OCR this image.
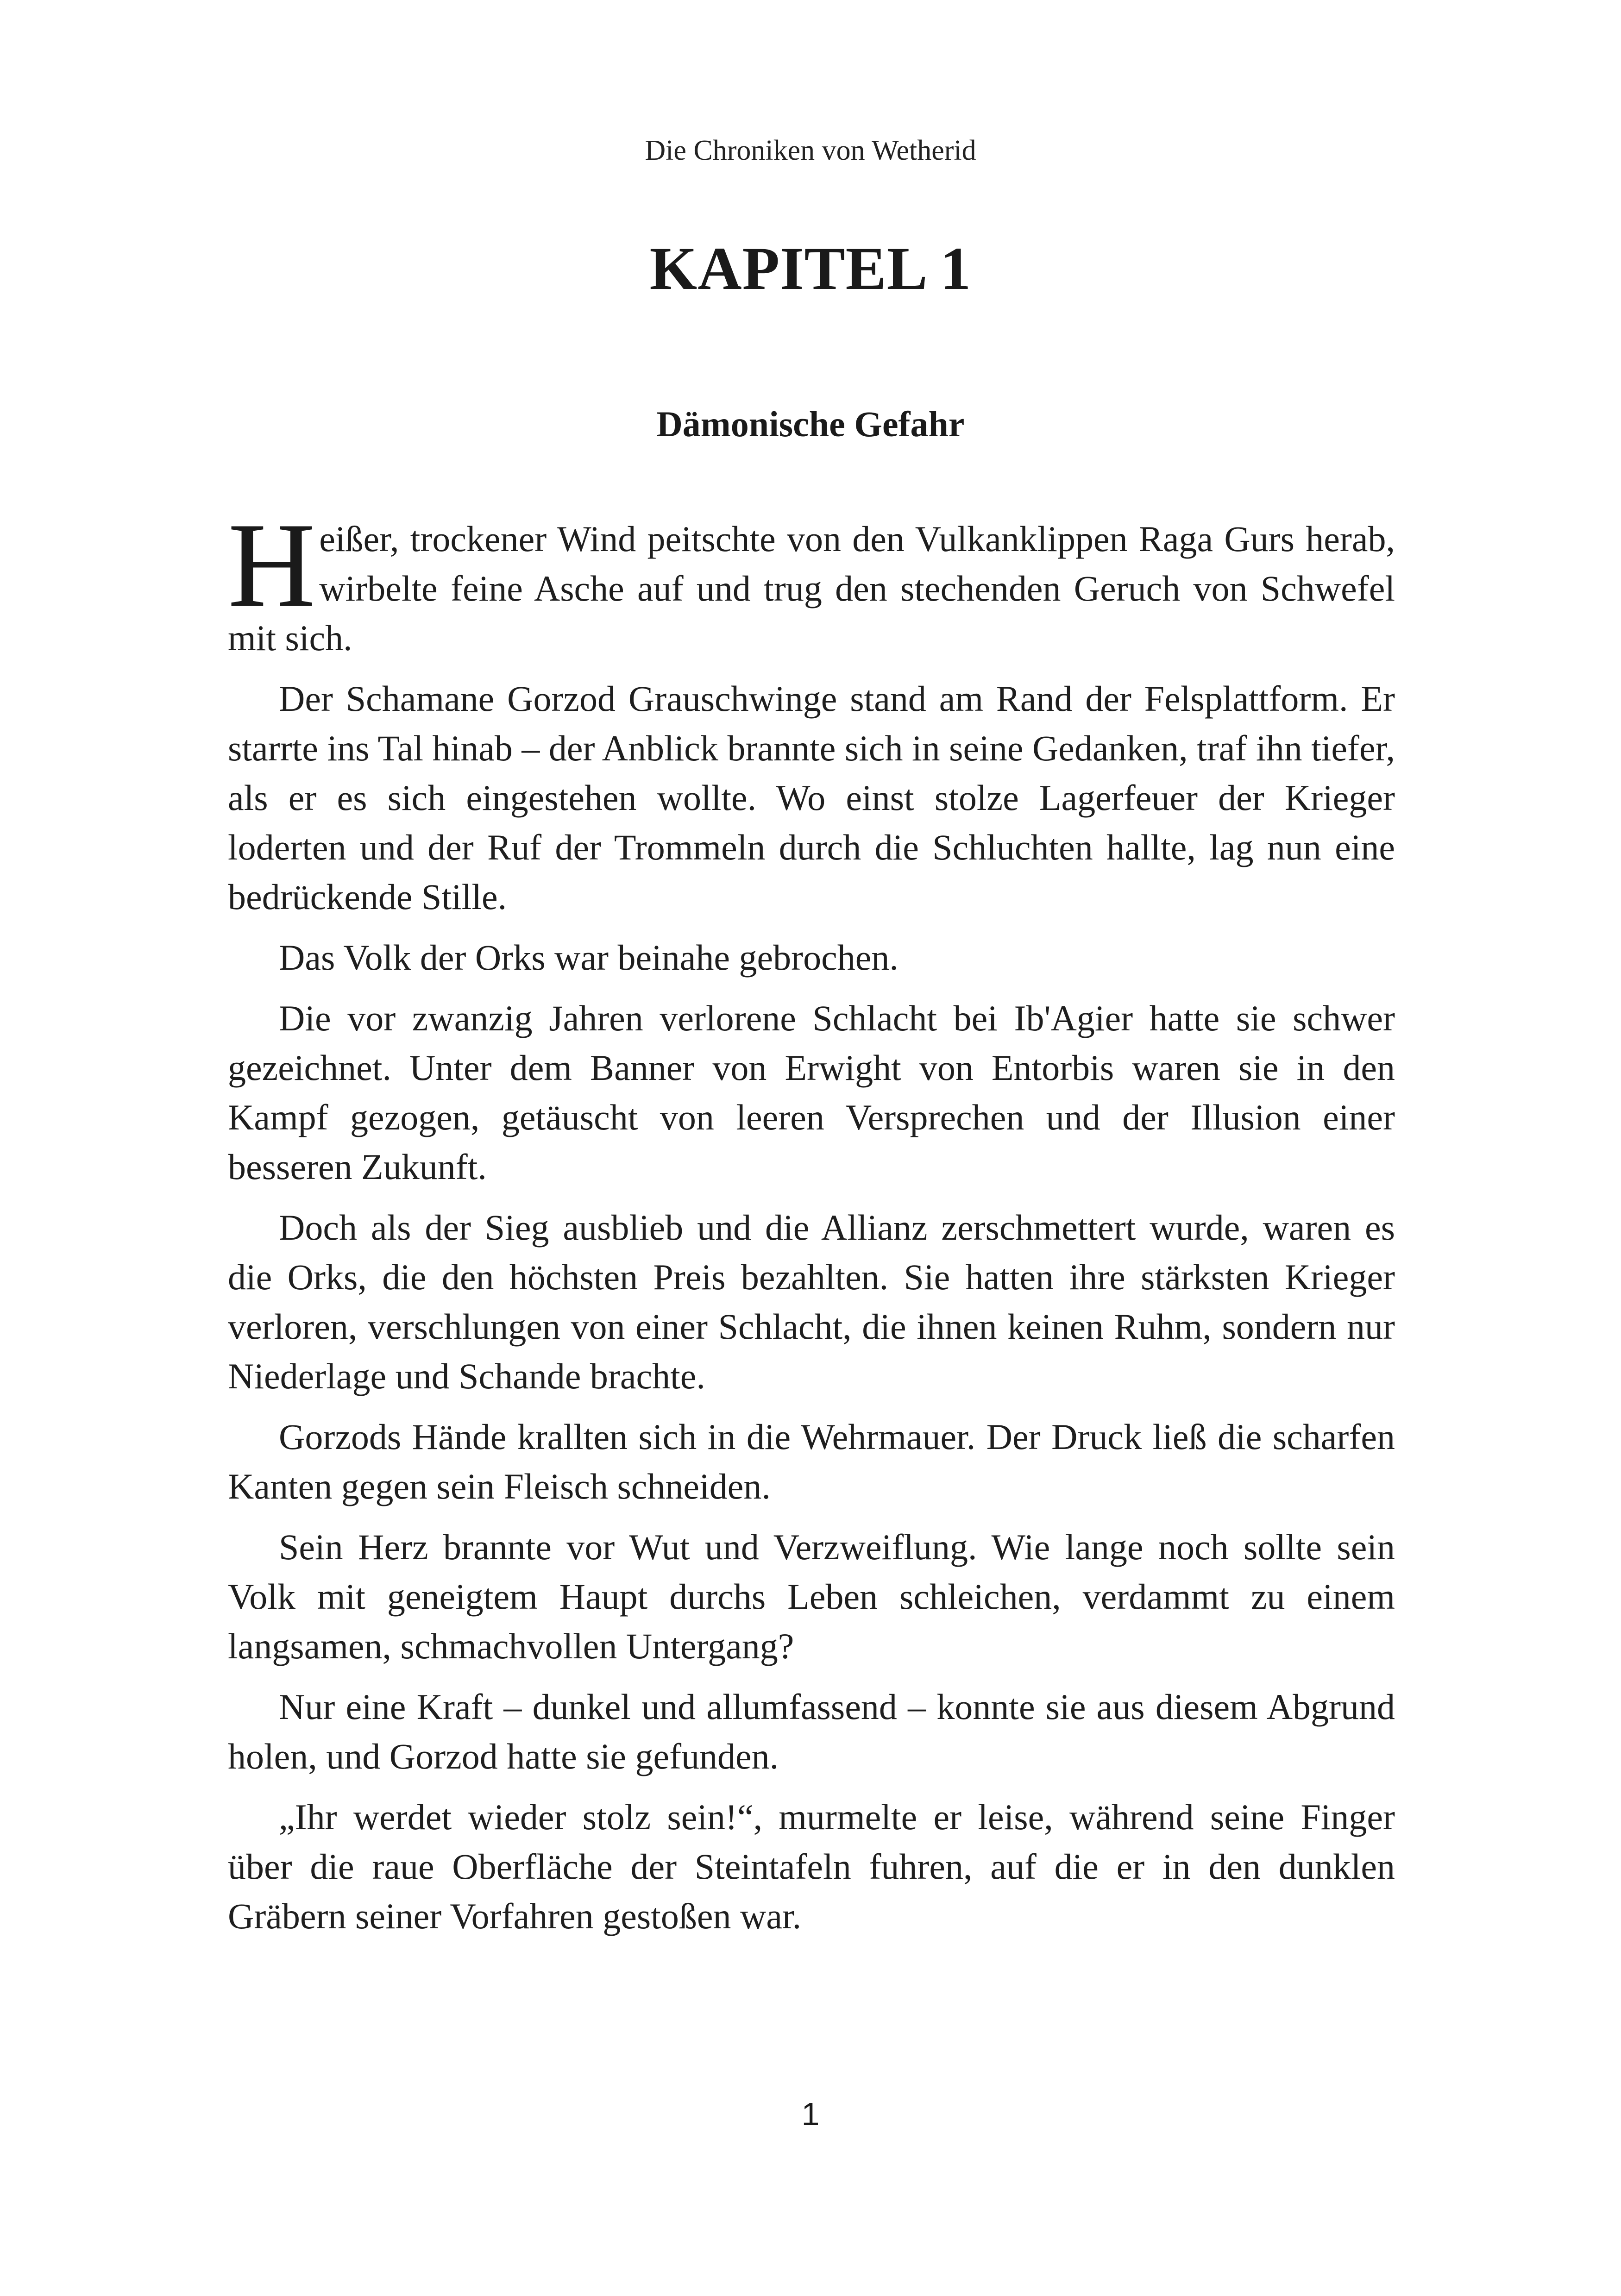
Die Chroniken von Wetherid
KAPITEL 1
Dämonische Gefahr

Heißer, trockener Wind peitschte von den Vulkanklippen Raga Gurs herab, wirbelte feine Asche auf und trug den stechenden Geruch von Schwefel mit sich.

Der Schamane Gorzod Grauschwinge stand am Rand der Felsplattform. Er starrte ins Tal hinab – der Anblick brannte sich in seine Gedanken, traf ihn tiefer, als er es sich eingestehen wollte. Wo einst stolze Lagerfeuer der Krieger loderten und der Ruf der Trommeln durch die Schluchten hallte, lag nun eine bedrückende Stille.

Das Volk der Orks war beinahe gebrochen.

Die vor zwanzig Jahren verlorene Schlacht bei Ib'Agier hatte sie schwer gezeichnet. Unter dem Banner von Erwight von Entorbis waren sie in den Kampf gezogen, getäuscht von leeren Versprechen und der Illusion einer besseren Zukunft.

Doch als der Sieg ausblieb und die Allianz zerschmettert wurde, waren es die Orks, die den höchsten Preis bezahlten. Sie hatten ihre stärksten Krieger verloren, verschlungen von einer Schlacht, die ihnen keinen Ruhm, sondern nur Niederlage und Schande brachte.

Gorzods Hände krallten sich in die Wehrmauer. Der Druck ließ die scharfen Kanten gegen sein Fleisch schneiden.

Sein Herz brannte vor Wut und Verzweiflung. Wie lange noch sollte sein Volk mit geneigtem Haupt durchs Leben schleichen, verdammt zu einem langsamen, schmachvollen Untergang?

Nur eine Kraft – dunkel und allumfassend – konnte sie aus diesem Abgrund holen, und Gorzod hatte sie gefunden.

„Ihr werdet wieder stolz sein!“, murmelte er leise, während seine Finger über die raue Oberfläche der Steintafeln fuhren, auf die er in den dunklen Gräbern seiner Vorfahren gestoßen war.

1
